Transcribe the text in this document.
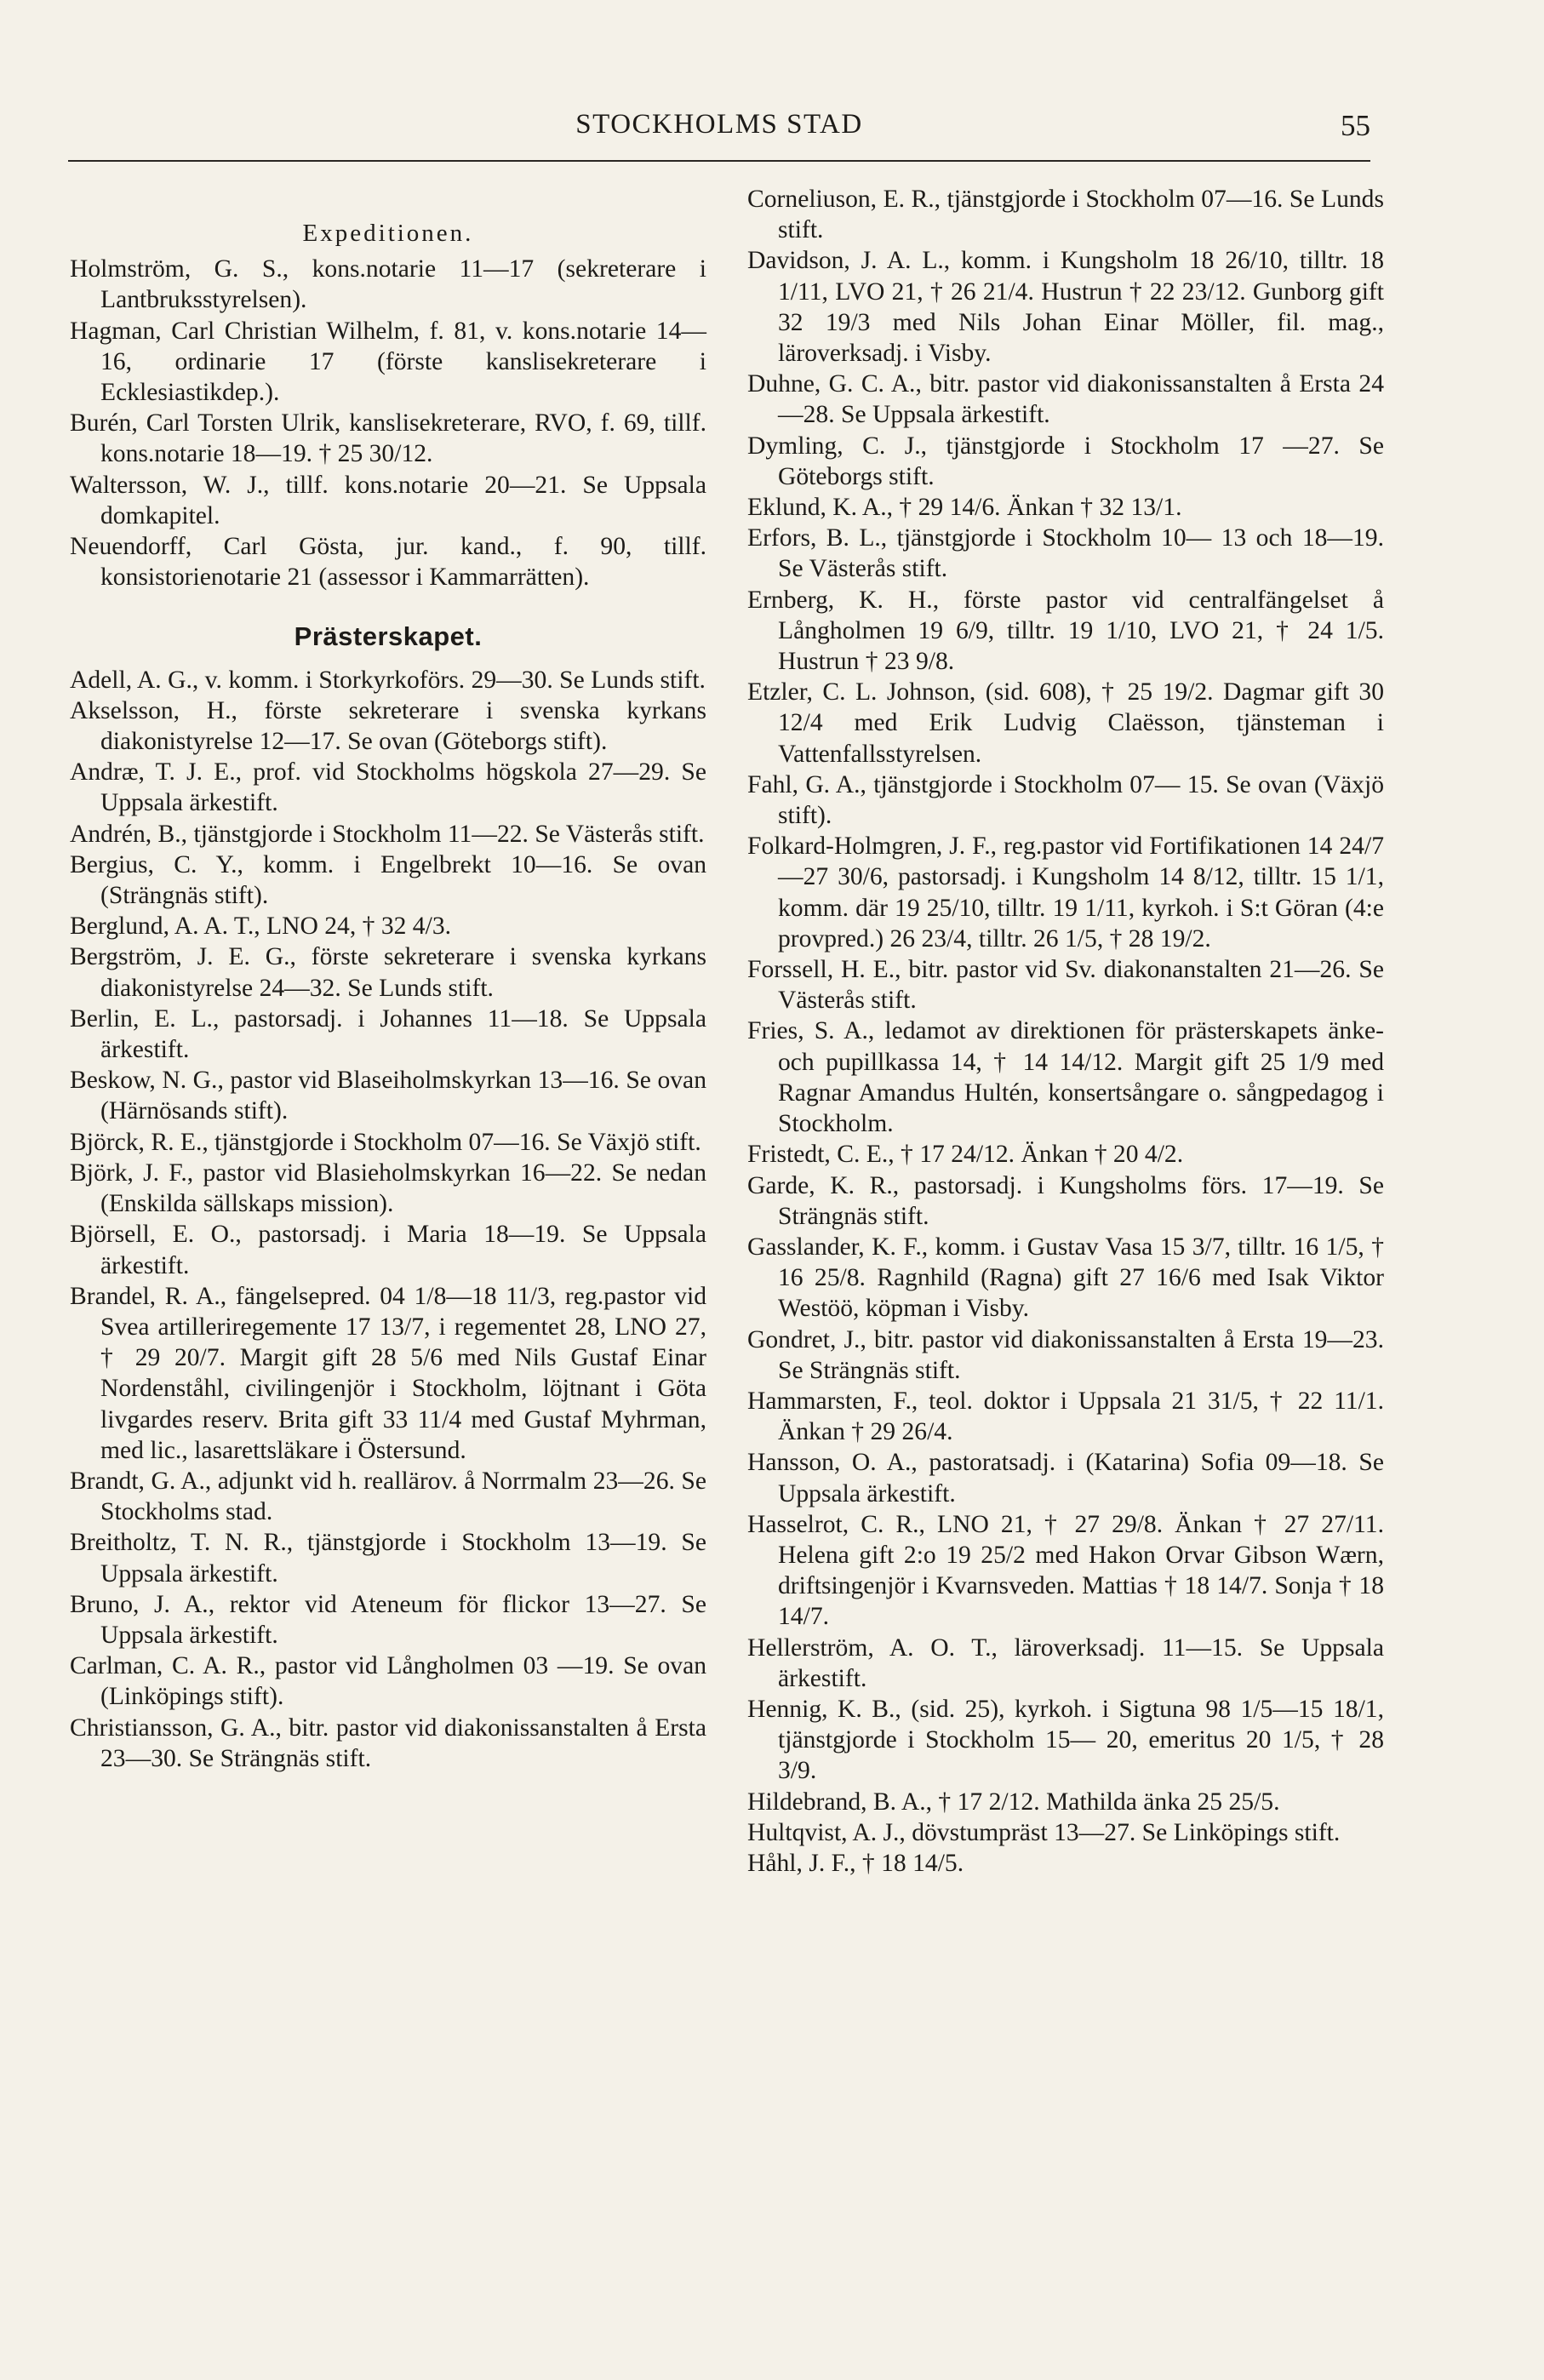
STOCKHOLMS STAD	55
Expeditionen.

Holmström, G. S., kons.notarie 11—17 (sekreterare i Lantbruksstyrelsen).

Hagman, Carl Christian Wilhelm, f. 81, v. kons.notarie 14—16, ordinarie 17 (förste kanslisekreterare i Ecklesiastikdep.).

Burén, Carl Torsten Ulrik, kanslisekreterare, RVO, f. 69, tillf. kons.notarie 18—19. † 25 30/12.

Waltersson, W. J., tillf. kons.notarie 20—21. Se Uppsala domkapitel.

Neuendorff, Carl Gösta, jur. kand., f. 90, tillf. konsistorienotarie 21 (assessor i Kammarrätten).

Prästerskapet.

Adell, A. G., v. komm. i Storkyrkoförs. 29—30. Se Lunds stift.

Akselsson, H., förste sekreterare i svenska kyrkans diakonistyrelse 12—17. Se ovan (Göteborgs stift).

Andræ, T. J. E., prof. vid Stockholms högskola 27—29. Se Uppsala ärkestift.

Andrén, B., tjänstgjorde i Stockholm 11—22. Se Västerås stift.

Bergius, C. Y., komm. i Engelbrekt 10—16. Se ovan (Strängnäs stift).

Berglund, A. A. T., LNO 24, † 32 4/3.

Bergström, J. E. G., förste sekreterare i svenska kyrkans diakonistyrelse 24—32. Se Lunds stift.

Berlin, E. L., pastorsadj. i Johannes 11—18. Se Uppsala ärkestift.

Beskow, N. G., pastor vid Blaseiholmskyrkan 13—16. Se ovan (Härnösands stift).

Björck, R. E., tjänstgjorde i Stockholm 07—16. Se Växjö stift.

Björk, J. F., pastor vid Blasieholmskyrkan 16—22. Se nedan (Enskilda sällskaps mission).

Björsell, E. O., pastorsadj. i Maria 18—19. Se Uppsala ärkestift.

Brandel, R. A., fängelsepred. 04 1/8—18 11/3, reg.pastor vid Svea artilleriregemente 17 13/7, i regementet 28, LNO 27, † 29 20/7. Margit gift 28 5/6 med Nils Gustaf Einar Nordenståhl, civilingenjör i Stockholm, löjtnant i Göta livgardes reserv. Brita gift 33 11/4 med Gustaf Myhrman, med lic., lasarettsläkare i Östersund.

Brandt, G. A., adjunkt vid h. reallärov. å Norrmalm 23—26. Se Stockholms stad.

Breitholtz, T. N. R., tjänstgjorde i Stockholm 13—19. Se Uppsala ärkestift.

Bruno, J. A., rektor vid Ateneum för flickor 13—27. Se Uppsala ärkestift.

Carlman, C. A. R., pastor vid Långholmen 03 —19. Se ovan (Linköpings stift).

Christiansson, G. A., bitr. pastor vid diakonissanstalten å Ersta 23—30. Se Strängnäs stift.

Corneliuson, E. R., tjänstgjorde i Stockholm 07—16. Se Lunds stift.

Davidson, J. A. L., komm. i Kungsholm 18 26/10, tilltr. 18 1/11, LVO 21, † 26 21/4. Hustrun † 22 23/12. Gunborg gift 32 19/3 med Nils Johan Einar Möller, fil. mag., läroverksadj. i Visby.

Duhne, G. C. A., bitr. pastor vid diakonissanstalten å Ersta 24—28. Se Uppsala ärkestift.

Dymling, C. J., tjänstgjorde i Stockholm 17 —27. Se Göteborgs stift.

Eklund, K. A., † 29 14/6. Änkan † 32 13/1.

Erfors, B. L., tjänstgjorde i Stockholm 10— 13 och 18—19. Se Västerås stift.

Ernberg, K. H., förste pastor vid centralfängelset å Långholmen 19 6/9, tilltr. 19 1/10, LVO 21, † 24 1/5. Hustrun † 23 9/8.

Etzler, C. L. Johnson, (sid. 608), † 25 19/2. Dagmar gift 30 12/4 med Erik Ludvig Claësson, tjänsteman i Vattenfallsstyrelsen.

Fahl, G. A., tjänstgjorde i Stockholm 07— 15. Se ovan (Växjö stift).

Folkard-Holmgren, J. F., reg.pastor vid Fortifikationen 14 24/7—27 30/6, pastorsadj. i Kungsholm 14 8/12, tilltr. 15 1/1, komm. där 19 25/10, tilltr. 19 1/11, kyrkoh. i S:t Göran (4:e provpred.) 26 23/4, tilltr. 26 1/5, † 28 19/2.

Forssell, H. E., bitr. pastor vid Sv. diakonanstalten 21—26. Se Västerås stift.

Fries, S. A., ledamot av direktionen för prästerskapets änke- och pupillkassa 14, † 14 14/12. Margit gift 25 1/9 med Ragnar Amandus Hultén, konsertsångare o. sångpedagog i Stockholm.

Fristedt, C. E., † 17 24/12. Änkan † 20 4/2.

Garde, K. R., pastorsadj. i Kungsholms förs. 17—19. Se Strängnäs stift.

Gasslander, K. F., komm. i Gustav Vasa 15 3/7, tilltr. 16 1/5, † 16 25/8. Ragnhild (Ragna) gift 27 16/6 med Isak Viktor Westöö, köpman i Visby.

Gondret, J., bitr. pastor vid diakonissanstalten å Ersta 19—23. Se Strängnäs stift.

Hammarsten, F., teol. doktor i Uppsala 21 31/5, † 22 11/1. Änkan † 29 26/4.

Hansson, O. A., pastoratsadj. i (Katarina) Sofia 09—18. Se Uppsala ärkestift.

Hasselrot, C. R., LNO 21, † 27 29/8. Änkan † 27 27/11. Helena gift 2:o 19 25/2 med Hakon Orvar Gibson Wærn, driftsingenjör i Kvarnsveden. Mattias † 18 14/7. Sonja † 18 14/7.

Hellerström, A. O. T., läroverksadj. 11—15. Se Uppsala ärkestift.

Hennig, K. B., (sid. 25), kyrkoh. i Sigtuna 98 1/5—15 18/1, tjänstgjorde i Stockholm 15— 20, emeritus 20 1/5, † 28 3/9.

Hildebrand, B. A., † 17 2/12. Mathilda änka 25 25/5.

Hultqvist, A. J., dövstumpräst 13—27. Se Linköpings stift.

Håhl, J. F., † 18 14/5.
